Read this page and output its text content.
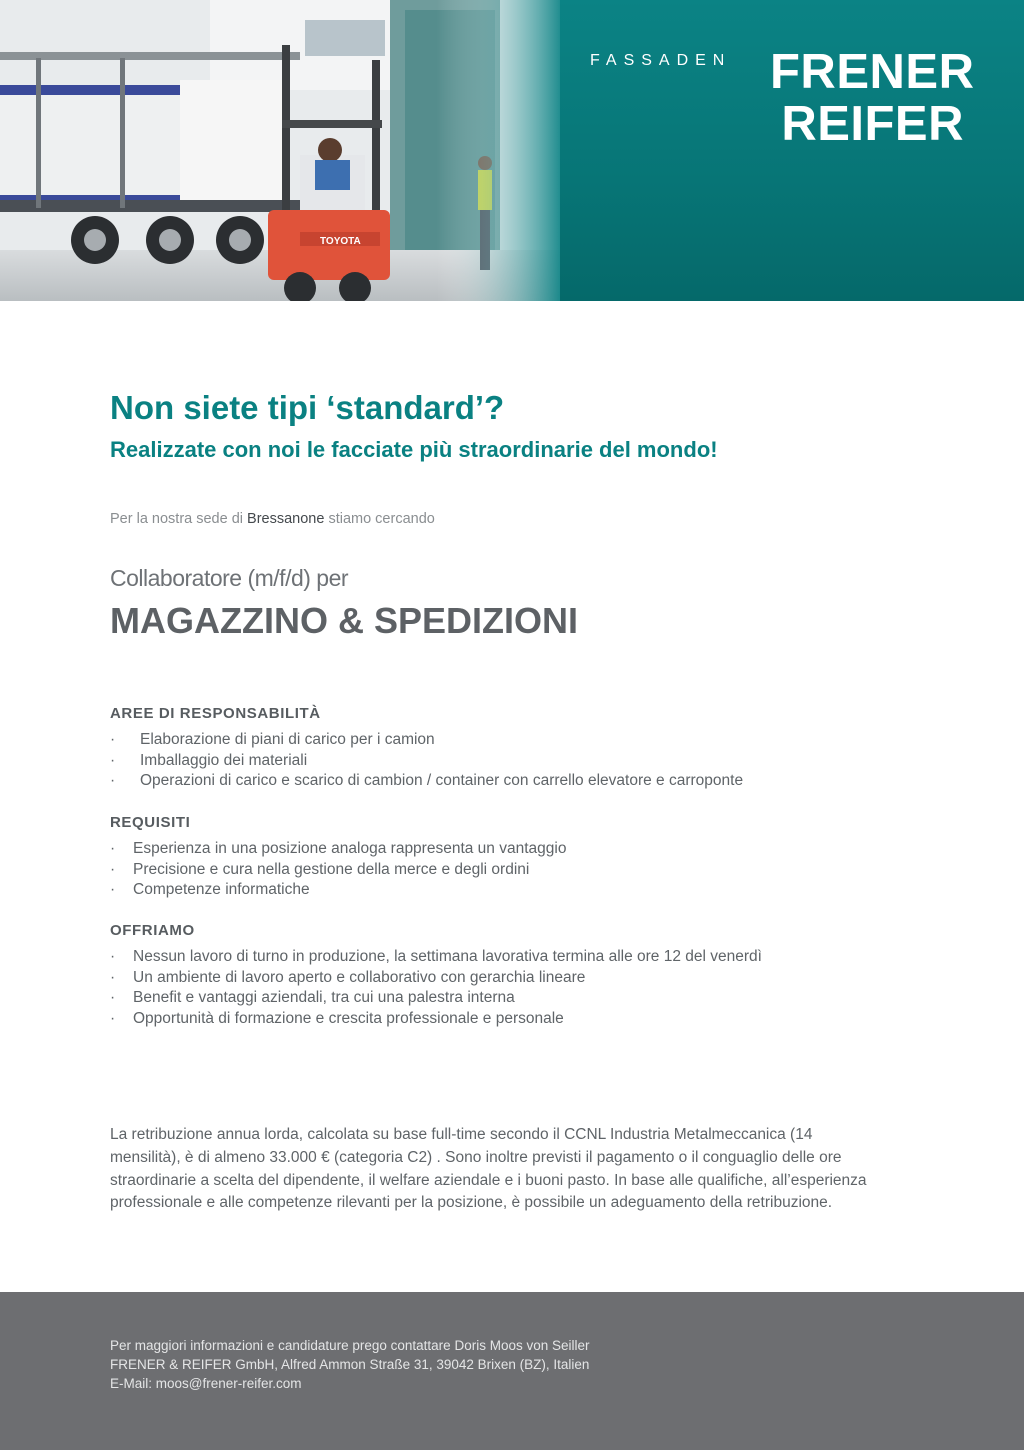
FASSADEN FRENER
REIFER
Non siete tipi ‘standard’?
Realizzate con noi le facciate più straordinarie del mondo!

Per la nostra sede di Bressanone stiamo cercando

Collaboratore (m/f/d) per

MAGAZZINO & SPEDIZIONI

AREE DI RESPONSABILITÀ
· Elaborazione di piani di carico per i camion
· Imballaggio dei materiali
· Operazioni di carico e scarico di cambion / container con carrello elevatore e carroponte
REQUISITI
· Esperienza in una posizione analoga rappresenta un vantaggio
· Precisione e cura nella gestione della merce e degli ordini
· Competenze informatiche
OFFRIAMO
· Nessun lavoro di turno in produzione, la settimana lavorativa termina alle ore 12 del venerdì
· Un ambiente di lavoro aperto e collaborativo con gerarchia lineare
· Benefit e vantaggi aziendali, tra cui una palestra interna
· Opportunità di formazione e crescita professionale e personale

La retribuzione annua lorda, calcolata su base full-time secondo il CCNL Industria Metalmeccanica (14 mensilità), è di almeno 33.000 € (categoria C2) . Sono inoltre previsti il pagamento o il conguaglio delle ore straordinarie a scelta del dipendente, il welfare aziendale e i buoni pasto. In base alle qualifiche, all’esperienza professionale e alle competenze rilevanti per la posizione, è possibile un adeguamento della retribuzione.

Per maggiori informazioni e candidature prego contattare Doris Moos von Seiller

FRENER & REIFER GmbH, Alfred Ammon Straße 31, 39042 Brixen (BZ), Italien

E-Mail: moos@frener-reifer.com
